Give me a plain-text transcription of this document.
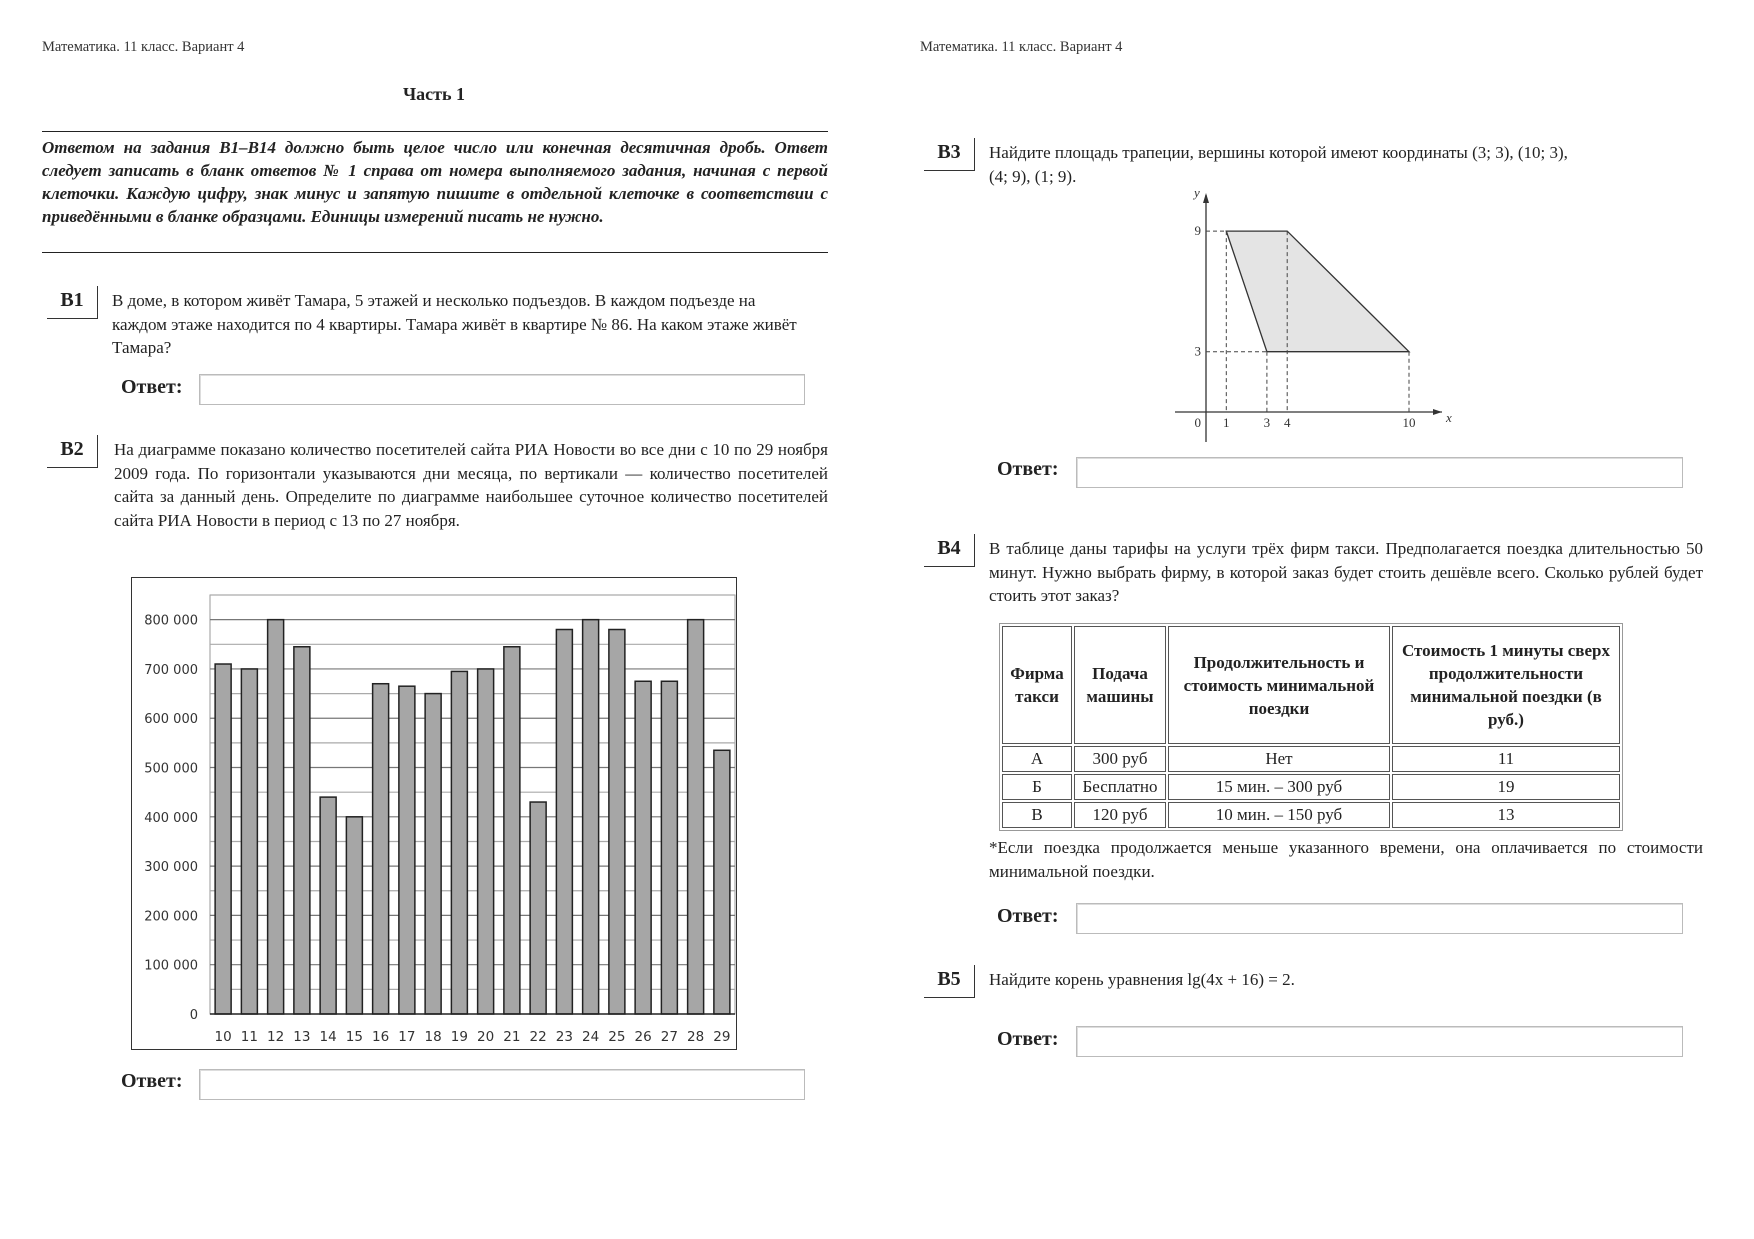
Математика. 11 класс. Вариант 4
Часть 1
Ответом на задания B1–B14 должно быть целое число или конечная десятичная дробь. Ответ следует записать в бланк ответов № 1 справа от номера выполняемого задания, начиная с первой клеточки. Каждую цифру, знак минус и запятую пишите в отдельной клеточке в соответствии с приведёнными в бланке образцами. Единицы измерений писать не нужно.
B1	В доме, в котором живёт Тамара, 5 этажей и несколько подъездов. В каждом подъезде на каждом этаже находится по 4 квартиры. Тамара живёт в квартире № 86. На каком этаже живёт Тамара?
Ответ:
B2	На диаграмме показано количество посетителей сайта РИА Новости во все дни с 10 по 29 ноября 2009 года. По горизонтали указываются дни месяца, по вертикали — количество посетителей сайта за данный день. Определите по диаграмме наибольшее суточное количество посетителей сайта РИА Новости в период с 13 по 27 ноября.
0
100 000
200 000
300 000
400 000
500 000
600 000
700 000
800 000
10 11 12 13 14 15 16 17 18 19 20 21 22 23 24 25 26 27 28 29
Ответ:
Математика. 11 класс. Вариант 4
B3	Найдите площадь трапеции, вершины которой имеют координаты (3; 3), (10; 3), (4; 9), (1; 9).
1	3 4	10
3
9
0	x
y
Ответ:
B4	В таблице даны тарифы на услуги трёх фирм такси. Предполагается поездка длительностью 50 минут. Нужно выбрать фирму, в которой заказ будет стоить дешёвле всего. Сколько рублей будет стоить этот заказ?
Фирма такси	Подача машины	Продолжительность и стоимость минимальной поездки	Стоимость 1 минуты сверх продолжительности минимальной поездки (в руб.)
А	300 руб	Нет	11
Б	Бесплатно	15 мин. – 300 руб	19
В	120 руб	10 мин. – 150 руб	13
*Если поездка продолжается меньше указанного времени, она оплачивается по стоимости минимальной поездки.
Ответ:
B5	Найдите корень уравнения lg(4x + 16) = 2.
Ответ:
